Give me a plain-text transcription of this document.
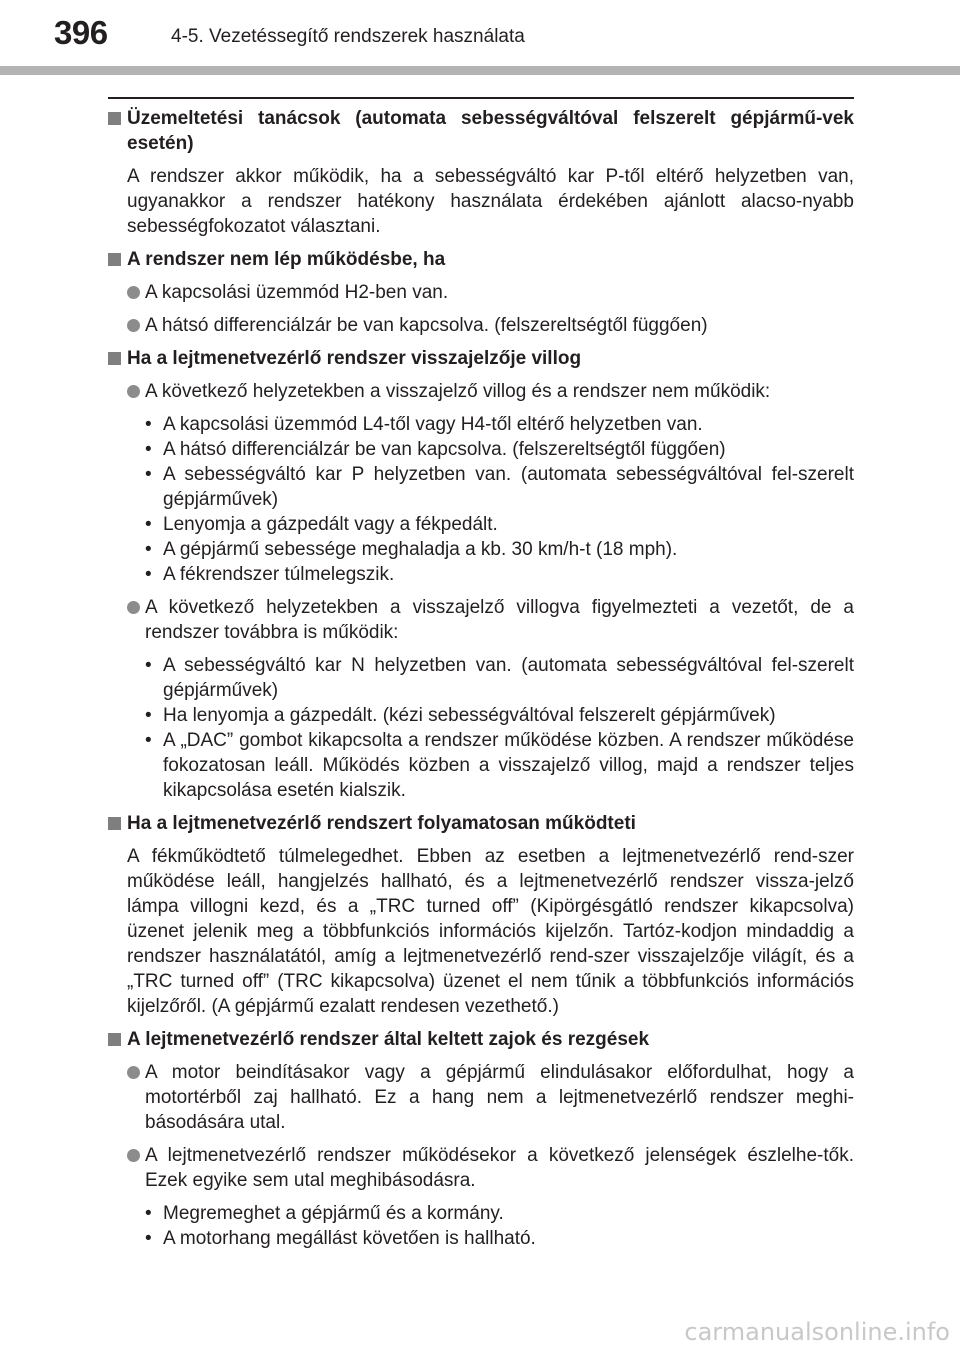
396	4-5. Vezetéssegítő rendszerek használata
Üzemeltetési tanácsok (automata sebességváltóval felszerelt gépjármű-vek esetén)
A rendszer akkor működik, ha a sebességváltó kar P-től eltérő helyzetben van, ugyanakkor a rendszer hatékony használata érdekében ajánlott alacso-nyabb sebességfokozatot választani.
A rendszer nem lép működésbe, ha
A kapcsolási üzemmód H2-ben van.
A hátsó differenciálzár be van kapcsolva. (felszereltségtől függően)
Ha a lejtmenetvezérlő rendszer visszajelzője villog
A következő helyzetekben a visszajelző villog és a rendszer nem működik:
• A kapcsolási üzemmód L4-től vagy H4-től eltérő helyzetben van.
• A hátsó differenciálzár be van kapcsolva. (felszereltségtől függően)
• A sebességváltó kar P helyzetben van. (automata sebességváltóval fel-szerelt gépjárművek)
• Lenyomja a gázpedált vagy a fékpedált.
• A gépjármű sebessége meghaladja a kb. 30 km/h-t (18 mph).
• A fékrendszer túlmelegszik.
A következő helyzetekben a visszajelző villogva figyelmezteti a vezetőt, de a rendszer továbbra is működik:
• A sebességváltó kar N helyzetben van. (automata sebességváltóval fel-szerelt gépjárművek)
• Ha lenyomja a gázpedált. (kézi sebességváltóval felszerelt gépjárművek)
• A „DAC” gombot kikapcsolta a rendszer működése közben. A rendszer működése fokozatosan leáll. Működés közben a visszajelző villog, majd a rendszer teljes kikapcsolása esetén kialszik.
Ha a lejtmenetvezérlő rendszert folyamatosan működteti
A fékműködtető túlmelegedhet. Ebben az esetben a lejtmenetvezérlő rend-szer működése leáll, hangjelzés hallható, és a lejtmenetvezérlő rendszer vissza-jelző lámpa villogni kezd, és a „TRC turned off” (Kipörgésgátló rendszer kikapcsolva) üzenet jelenik meg a többfunkciós információs kijelzőn. Tartóz-kodjon mindaddig a rendszer használatától, amíg a lejtmenetvezérlő rend-szer visszajelzője világít, és a „TRC turned off” (TRC kikapcsolva) üzenet el nem tűnik a többfunkciós információs kijelzőről. (A gépjármű ezalatt rendesen vezethető.)
A lejtmenetvezérlő rendszer által keltett zajok és rezgések
A motor beindításakor vagy a gépjármű elindulásakor előfordulhat, hogy a motortérből zaj hallható. Ez a hang nem a lejtmenetvezérlő rendszer meghi-básodására utal.
A lejtmenetvezérlő rendszer működésekor a következő jelenségek észlelhe-tők. Ezek egyike sem utal meghibásodásra.
• Megremeghet a gépjármű és a kormány.
• A motorhang megállást követően is hallható.
carmanualsonline.info
